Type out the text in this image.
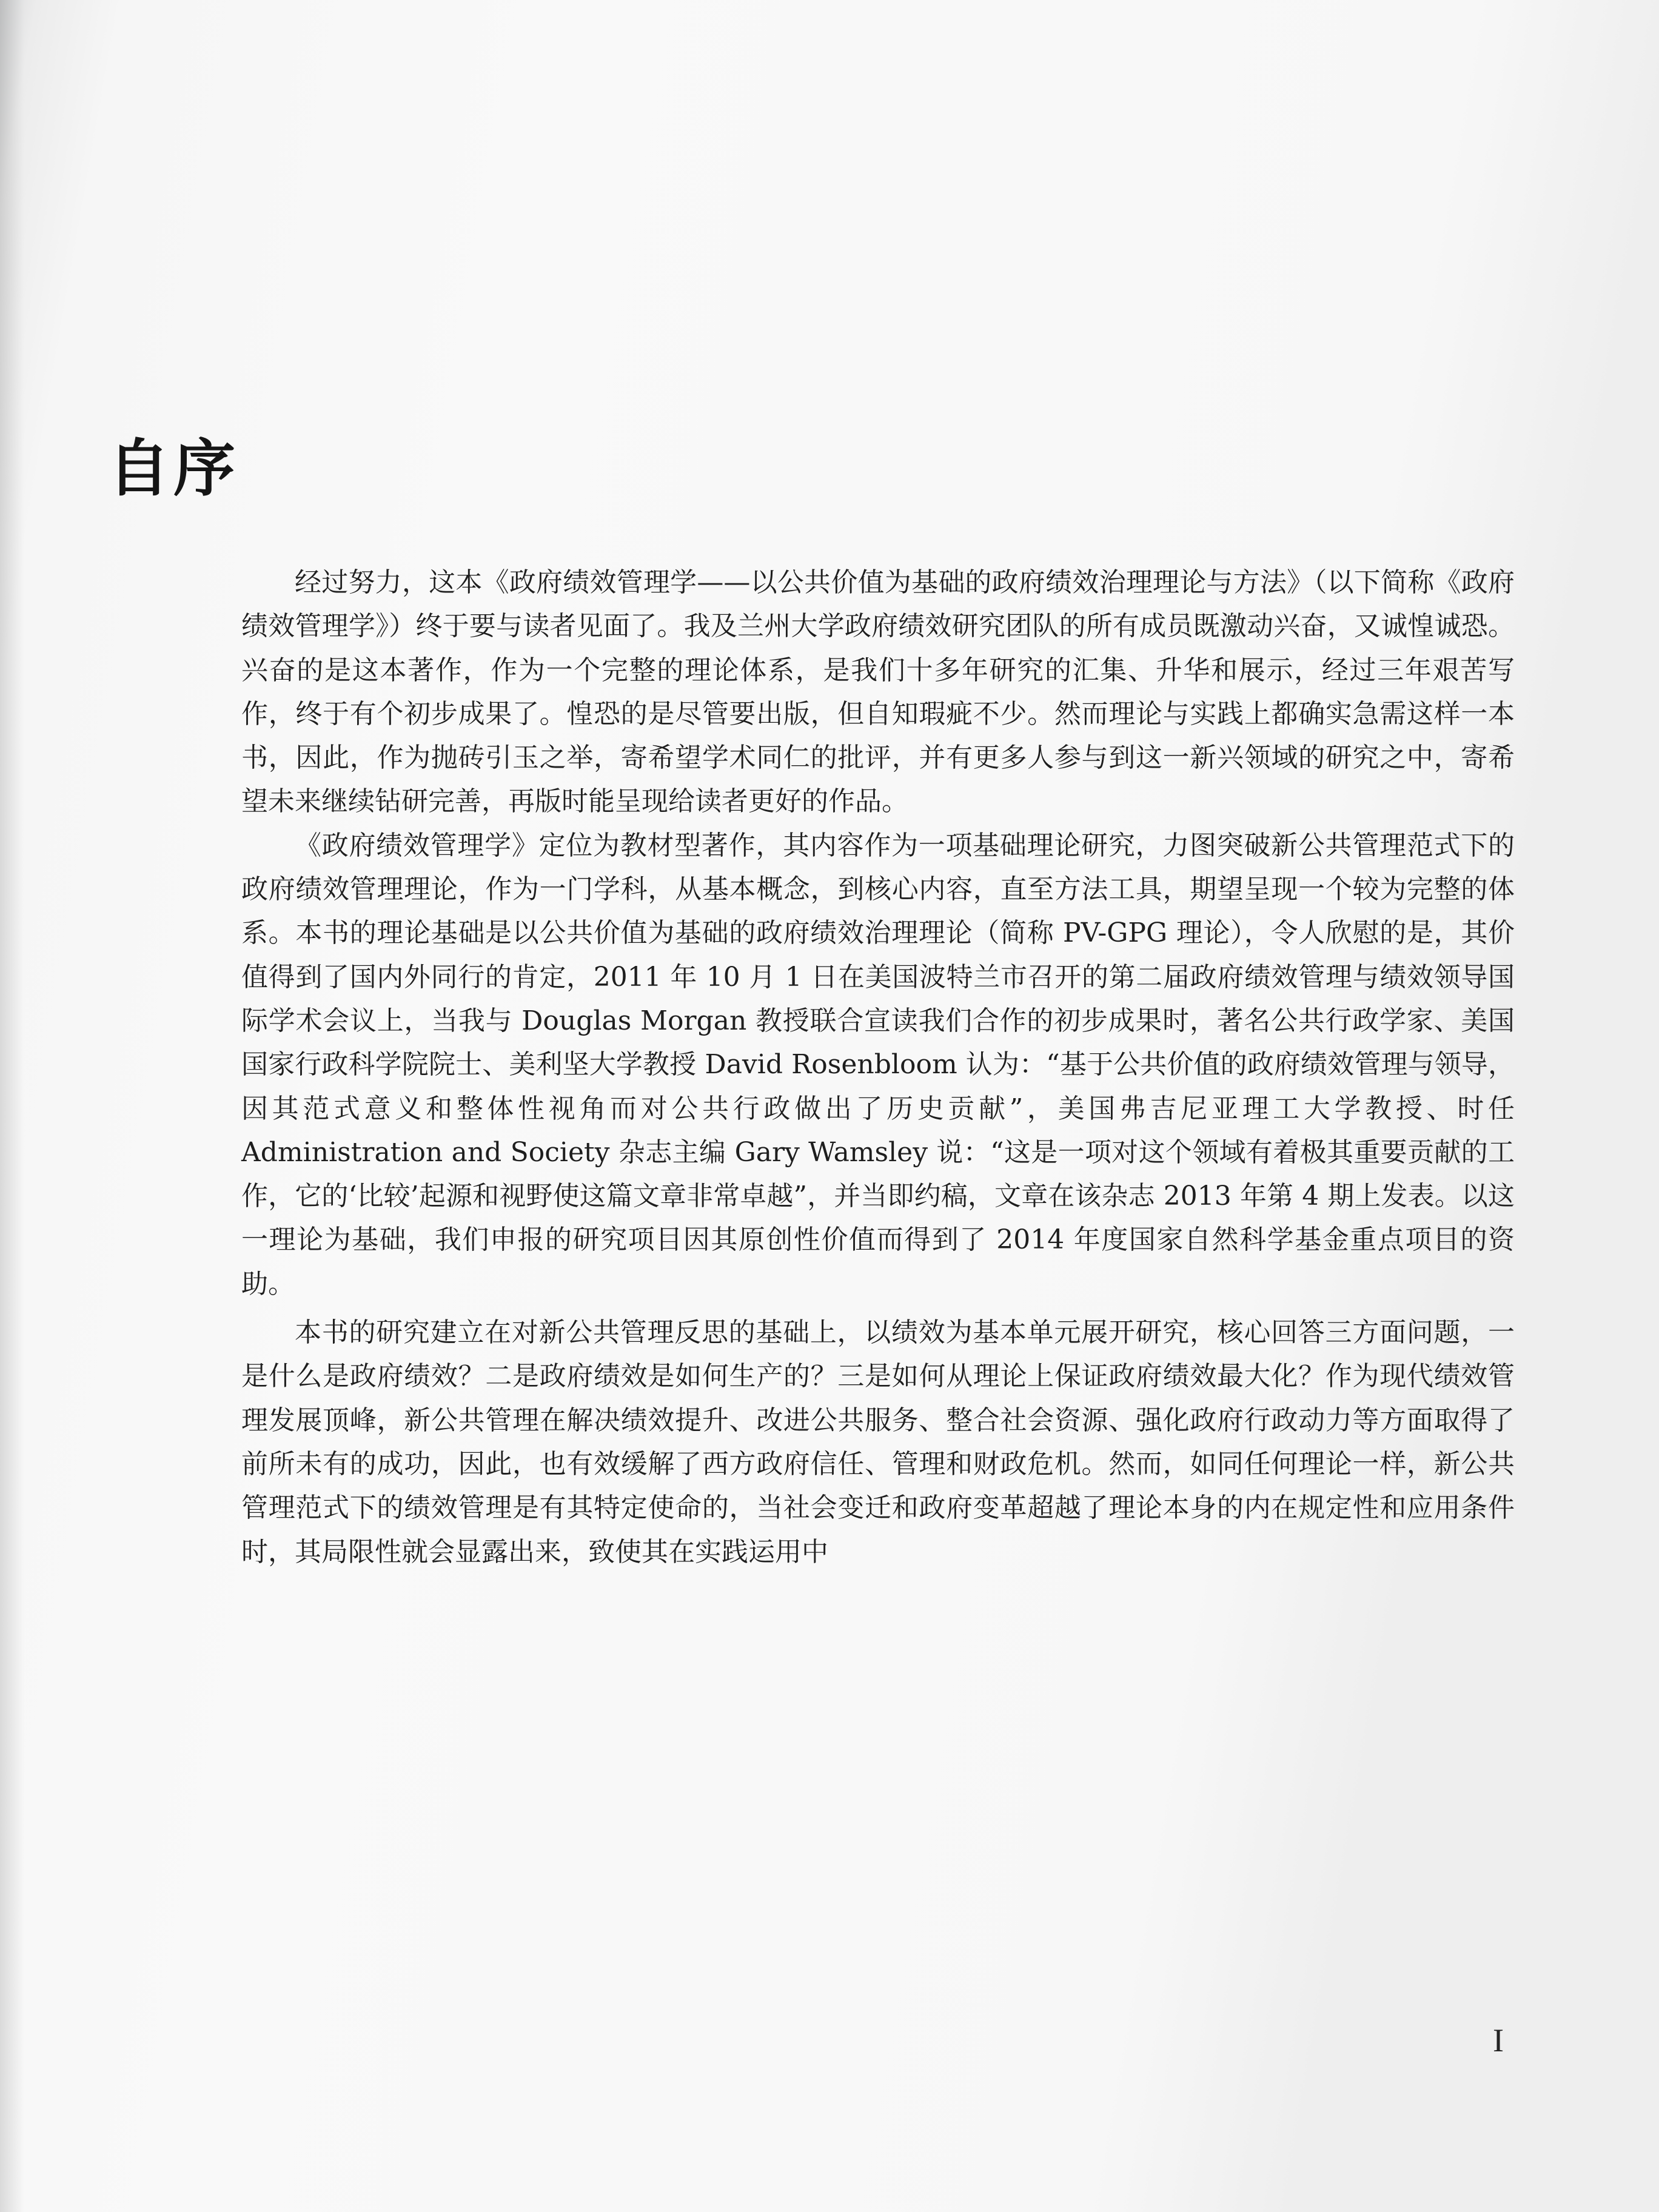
自序

经过努力，这本《政府绩效管理学——以公共价值为基础的政府绩效治理理论与方法》（以下简称《政府绩效管理学》）终于要与读者见面了。我及兰州大学政府绩效研究团队的所有成员既激动兴奋，又诚惶诚恐。兴奋的是这本著作，作为一个完整的理论体系，是我们十多年研究的汇集、升华和展示，经过三年艰苦写作，终于有个初步成果了。惶恐的是尽管要出版，但自知瑕疵不少。然而理论与实践上都确实急需这样一本书，因此，作为抛砖引玉之举，寄希望学术同仁的批评，并有更多人参与到这一新兴领域的研究之中，寄希望未来继续钻研完善，再版时能呈现给读者更好的作品。

《政府绩效管理学》定位为教材型著作，其内容作为一项基础理论研究，力图突破新公共管理范式下的政府绩效管理理论，作为一门学科，从基本概念，到核心内容，直至方法工具，期望呈现一个较为完整的体系。本书的理论基础是以公共价值为基础的政府绩效治理理论（简称 PV-GPG 理论），令人欣慰的是，其价值得到了国内外同行的肯定，2011 年 10 月 1 日在美国波特兰市召开的第二届政府绩效管理与绩效领导国际学术会议上，当我与 Douglas Morgan 教授联合宣读我们合作的初步成果时，著名公共行政学家、美国国家行政科学院院士、美利坚大学教授 David Rosenbloom 认为：“基于公共价值的政府绩效管理与领导，因其范式意义和整体性视角而对公共行政做出了历史贡献”，美国弗吉尼亚理工大学教授、时任 Administration and Society 杂志主编 Gary Wamsley 说：“这是一项对这个领域有着极其重要贡献的工作，它的‘比较’起源和视野使这篇文章非常卓越”，并当即约稿，文章在该杂志 2013 年第 4 期上发表。以这一理论为基础，我们申报的研究项目因其原创性价值而得到了 2014 年度国家自然科学基金重点项目的资助。

本书的研究建立在对新公共管理反思的基础上，以绩效为基本单元展开研究，核心回答三方面问题，一是什么是政府绩效？二是政府绩效是如何生产的？三是如何从理论上保证政府绩效最大化？作为现代绩效管理发展顶峰，新公共管理在解决绩效提升、改进公共服务、整合社会资源、强化政府行政动力等方面取得了前所未有的成功，因此，也有效缓解了西方政府信任、管理和财政危机。然而，如同任何理论一样，新公共管理范式下的绩效管理是有其特定使命的，当社会变迁和政府变革超越了理论本身的内在规定性和应用条件时，其局限性就会显露出来，致使其在实践运用中

I
